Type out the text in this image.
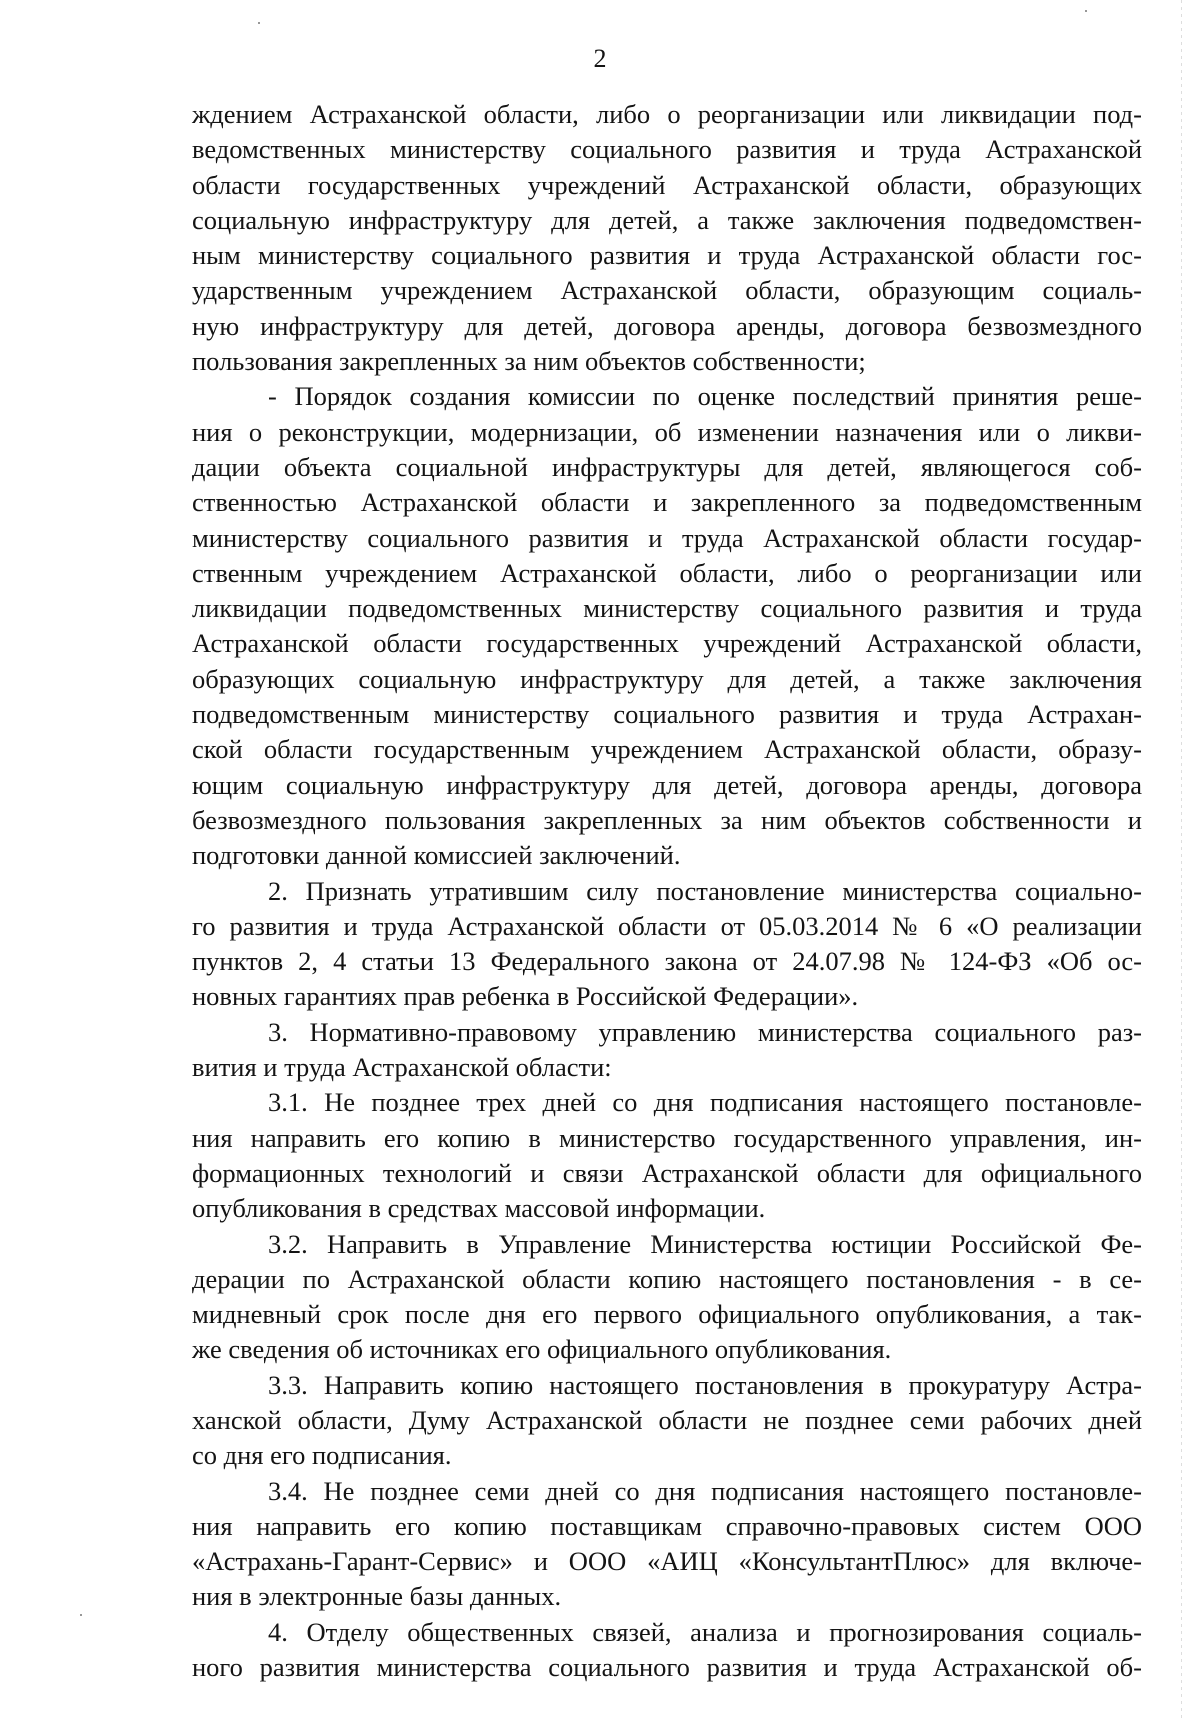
2
ждением Астраханской области, либо о реорганизации или ликвидации под-
ведомственных министерству социального развития и труда Астраханской
области государственных учреждений Астраханской области, образующих
социальную инфраструктуру для детей, а также заключения подведомствен-
ным министерству социального развития и труда Астраханской области гос-
ударственным учреждением Астраханской области, образующим социаль-
ную инфраструктуру для детей, договора аренды, договора безвозмездного
пользования закрепленных за ним объектов собственности;
- Порядок создания комиссии по оценке последствий принятия реше-
ния о реконструкции, модернизации, об изменении назначения или о ликви-
дации объекта социальной инфраструктуры для детей, являющегося соб-
ственностью Астраханской области и закрепленного за подведомственным
министерству социального развития и труда Астраханской области государ-
ственным учреждением Астраханской области, либо о реорганизации или
ликвидации подведомственных министерству социального развития и труда
Астраханской области государственных учреждений Астраханской области,
образующих социальную инфраструктуру для детей, а также заключения
подведомственным министерству социального развития и труда Астрахан-
ской области государственным учреждением Астраханской области, образу-
ющим социальную инфраструктуру для детей, договора аренды, договора
безвозмездного пользования закрепленных за ним объектов собственности и
подготовки данной комиссией заключений.
2. Признать утратившим силу постановление министерства социально-
го развития и труда Астраханской области от 05.03.2014 № 6 «О реализации
пунктов 2, 4 статьи 13 Федерального закона от 24.07.98 № 124-ФЗ «Об ос-
новных гарантиях прав ребенка в Российской Федерации».
3. Нормативно-правовому управлению министерства социального раз-
вития и труда Астраханской области:
3.1. Не позднее трех дней со дня подписания настоящего постановле-
ния направить его копию в министерство государственного управления, ин-
формационных технологий и связи Астраханской области для официального
опубликования в средствах массовой информации.
3.2. Направить в Управление Министерства юстиции Российской Фе-
дерации по Астраханской области копию настоящего постановления - в се-
мидневный срок после дня его первого официального опубликования, а так-
же сведения об источниках его официального опубликования.
3.3. Направить копию настоящего постановления в прокуратуру Астра-
ханской области, Думу Астраханской области не позднее семи рабочих дней
со дня его подписания.
3.4. Не позднее семи дней со дня подписания настоящего постановле-
ния направить его копию поставщикам справочно-правовых систем ООО
«Астрахань-Гарант-Сервис» и ООО «АИЦ «КонсультантПлюс» для включе-
ния в электронные базы данных.
4. Отделу общественных связей, анализа и прогнозирования социаль-
ного развития министерства социального развития и труда Астраханской об-
